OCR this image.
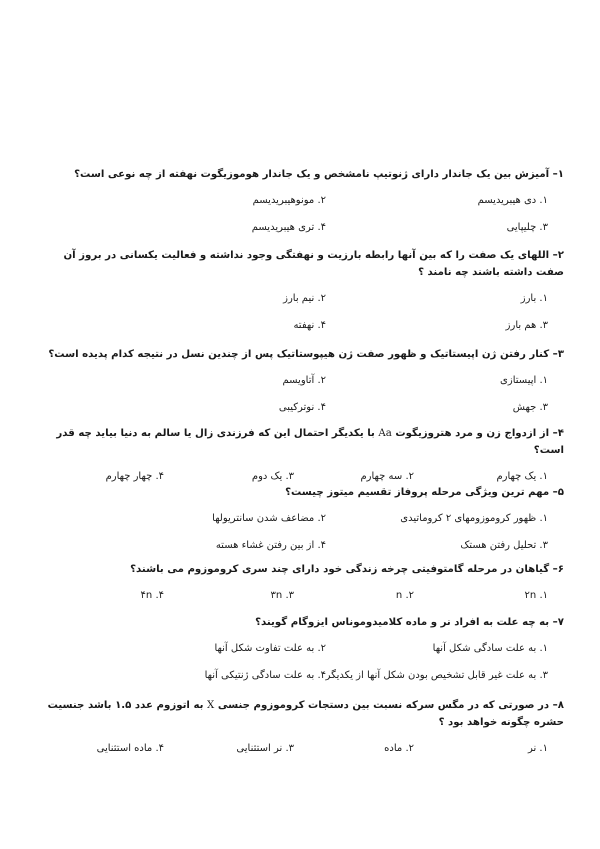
۱– آمیزش بین یک جاندار دارای ژنوتیپ نامشخص و یک جاندار هوموزیگوت نهفته از چه نوعی است؟
۱. دی هیبریدیسم
۲. مونوهیبریدیسم
۳. چلیپایی
۴. تری هیبریدیسم
۲– اللهای یک صفت را که بین آنها رابطه بارزیت و نهفتگی وجود نداشته و فعالیت یکسانی در بروز آن صفت داشته باشند چه نامند ؟
۱. بارز
۲. نیم بارز
۳. هم بارز
۴. نهفته
۳– کنار رفتن ژن اپیستاتیک و ظهور صفت ژن هیپوستاتیک پس از چندین نسل در نتیجه کدام پدیده است؟
۱. اپیستازی
۲. آتاویسم
۳. جهش
۴. نوترکیبی
۴– از ازدواج زن و مرد هتروزیگوت Aa با یکدیگر احتمال این که فرزندی زال یا سالم به دنیا بیاید چه قدر است؟
۱. یک چهارم
۲. سه چهارم
۳. یک دوم
۴. چهار چهارم
۵– مهم ترین ویژگی مرحله پروفاز تقسیم میتوز چیست؟
۱. ظهور کروموزومهای ۲ کروماتیدی
۲. مضاعف شدن سانتریولها
۳. تحلیل رفتن هستک
۴. از بین رفتن غشاء هسته
۶– گیاهان در مرحله گامتوفیتی چرخه زندگی خود دارای چند سری کروموزوم می باشند؟
۱. ۲n
۲. n
۳. ۳n
۴. ۴n
۷– به چه علت به افراد نر و ماده کلامیدوموناس ایزوگام گویند؟
۱. به علت سادگی شکل آنها
۲. به علت تفاوت شکل آنها
۳. به علت غیر قابل تشخیص بودن شکل آنها از یکدیگر
۴. به علت سادگی ژنتیکی آنها
۸– در صورتی که در مگس سرکه نسبت بین دستجات کروموزوم جنسی X به اتوزوم عدد ۱.۵ باشد جنسیت حشره چگونه خواهد بود ؟
۱. نر
۲. ماده
۳. نر استثنایی
۴. ماده استثنایی
